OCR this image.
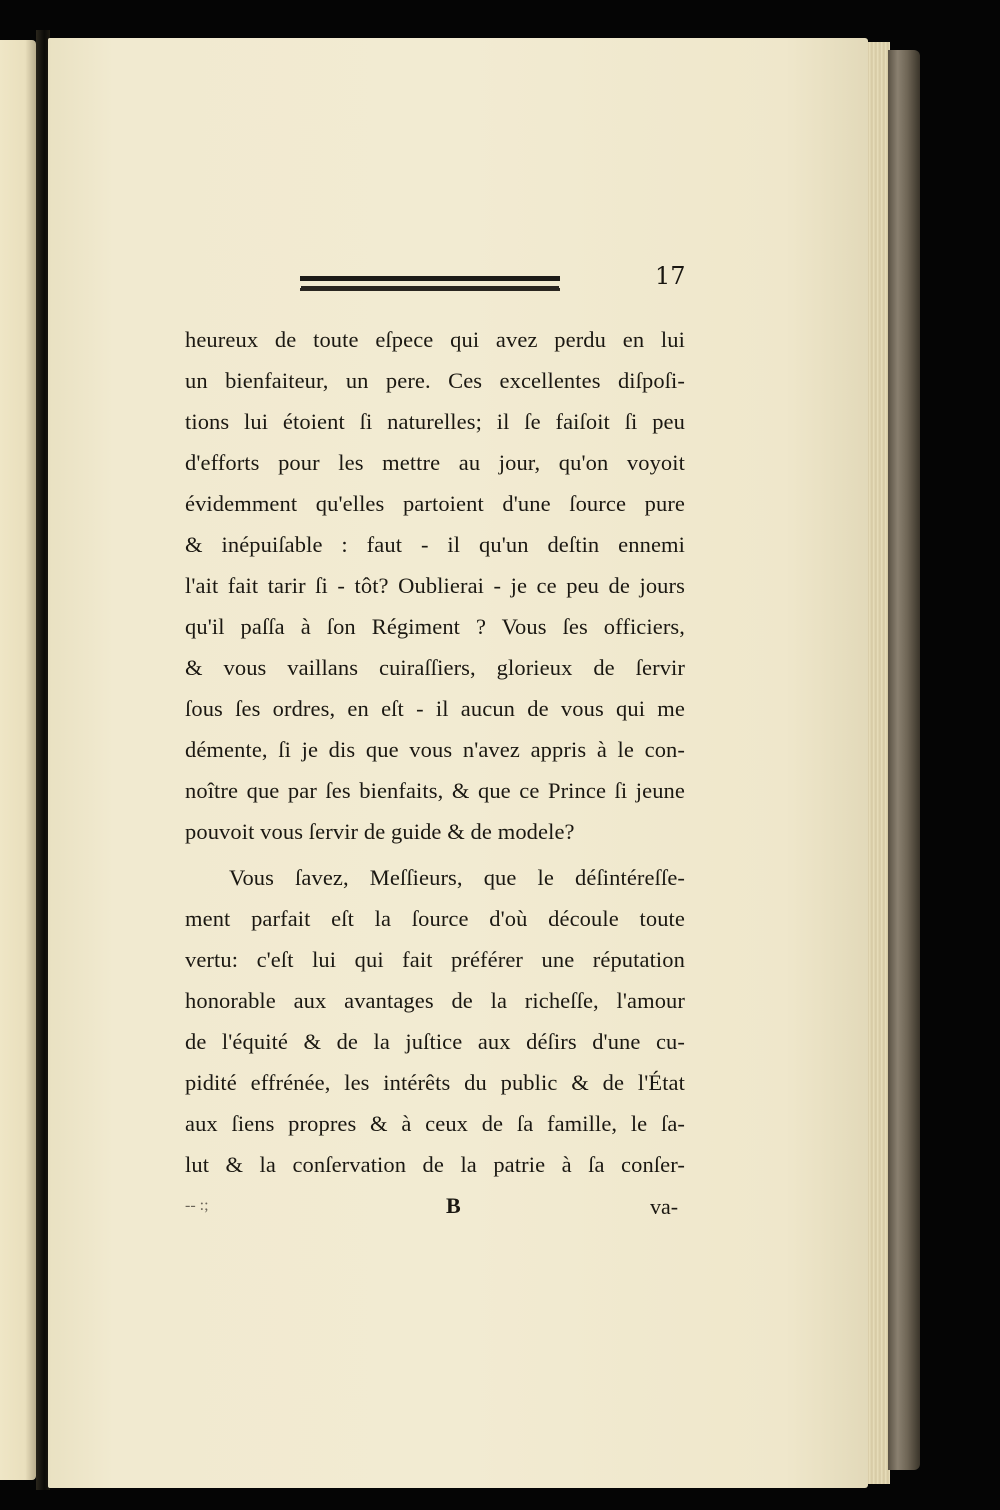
17
heureux de toute eſpece qui avez perdu en lui
un bienfaiteur, un pere. Ces excellentes diſpoſi-
tions lui étoient ſi naturelles; il ſe faiſoit ſi peu
d'efforts pour les mettre au jour, qu'on voyoit
évidemment qu'elles partoient d'une ſource pure
& inépuiſable : faut - il qu'un deſtin ennemi
l'ait fait tarir ſi - tôt? Oublierai - je ce peu de jours
qu'il paſſa à ſon Régiment ? Vous ſes officiers,
& vous vaillans cuiraſſiers, glorieux de ſervir
ſous ſes ordres, en eſt - il aucun de vous qui me
démente, ſi je dis que vous n'avez appris à le con-
noître que par ſes bienfaits, & que ce Prince ſi jeune
pouvoit vous ſervir de guide & de modele?
Vous ſavez, Meſſieurs, que le déſintéreſſe-
ment parfait eſt la ſource d'où découle toute
vertu: c'eſt lui qui fait préférer une réputation
honorable aux avantages de la richeſſe, l'amour
de l'équité & de la juſtice aux déſirs d'une cu-
pidité effrénée, les intérêts du public & de l'État
aux ſiens propres & à ceux de ſa famille, le ſa-
lut & la conſervation de la patrie à ſa conſer-
-- :;	B	va-
